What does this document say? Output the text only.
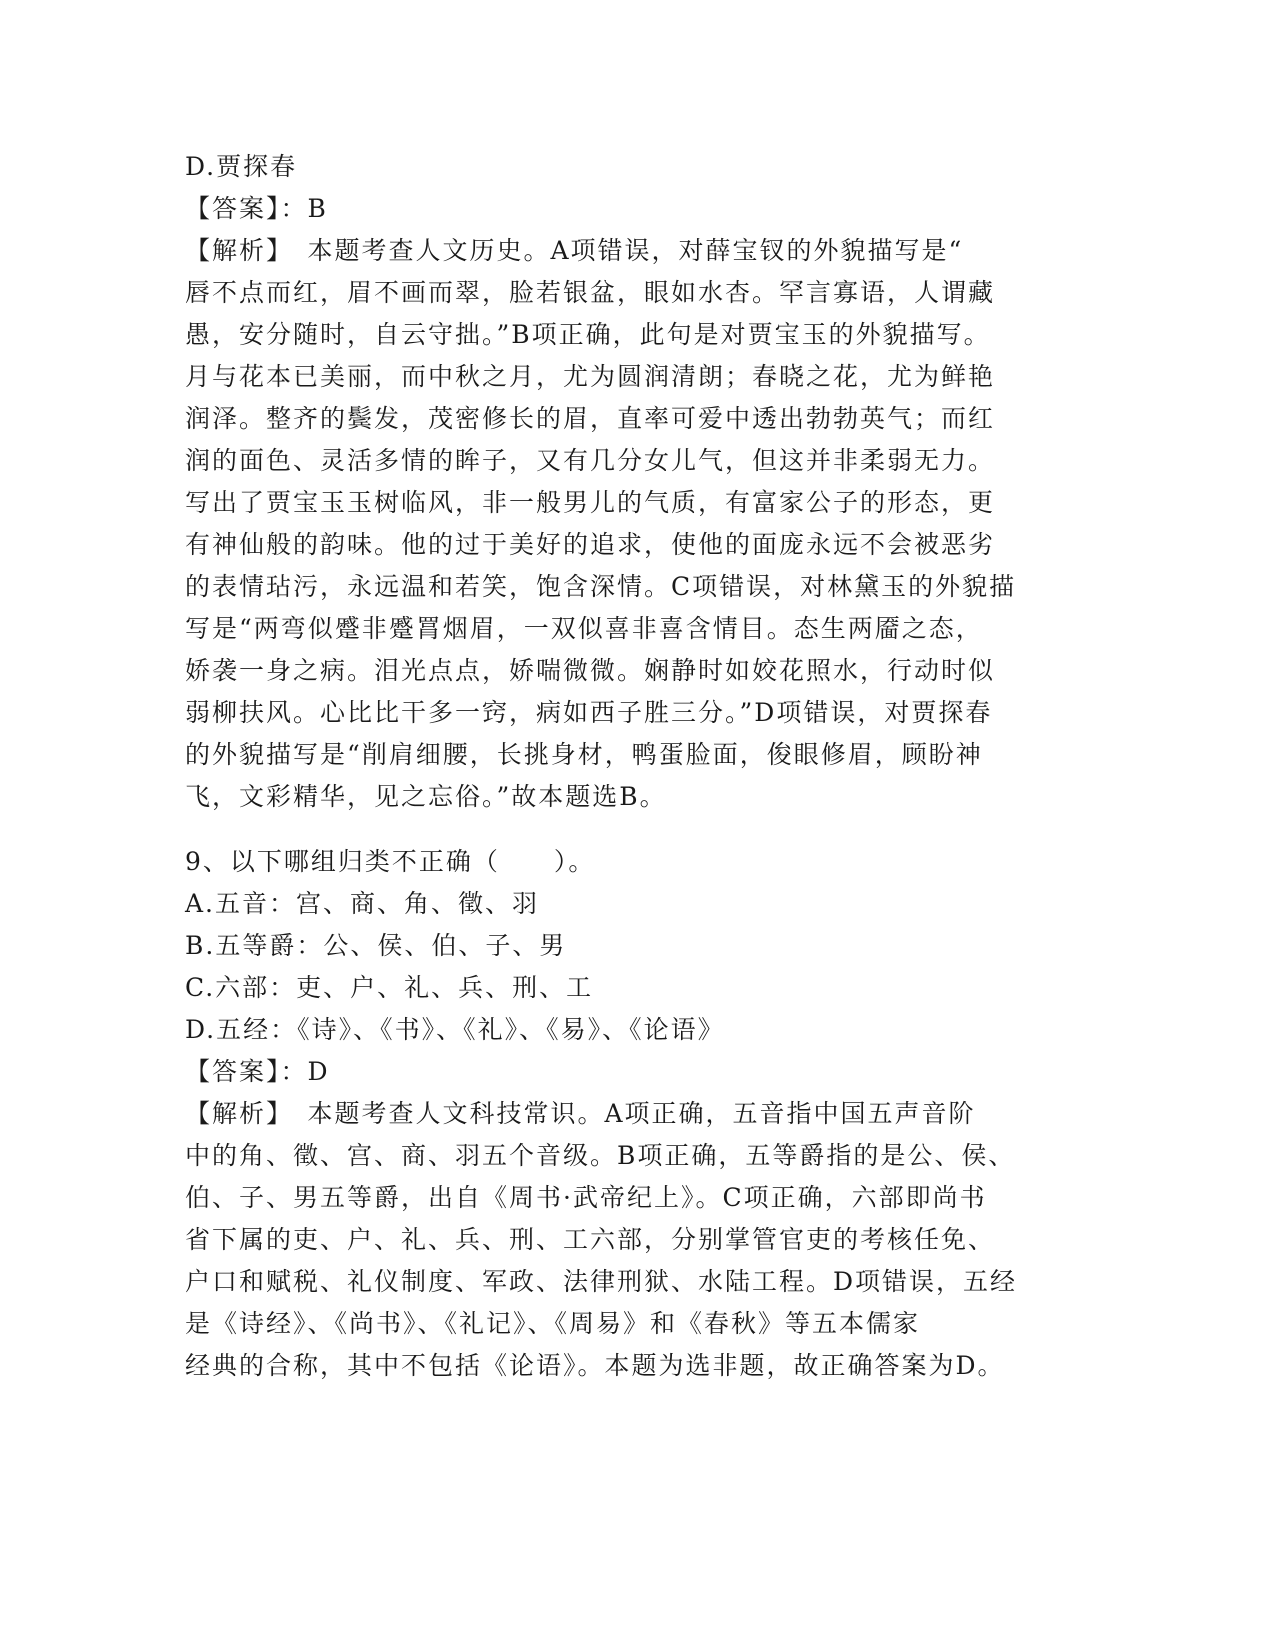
D.贾探春
【答案】：B
【解析】　本题考查人文历史。A项错误，对薛宝钗的外貌描写是“
唇不点而红，眉不画而翠，脸若银盆，眼如水杏。罕言寡语，人谓藏
愚，安分随时，自云守拙。”B项正确，此句是对贾宝玉的外貌描写。
月与花本已美丽，而中秋之月，尤为圆润清朗；春晓之花，尤为鲜艳
润泽。整齐的鬓发，茂密修长的眉，直率可爱中透出勃勃英气；而红
润的面色、灵活多情的眸子，又有几分女儿气，但这并非柔弱无力。
写出了贾宝玉玉树临风，非一般男儿的气质，有富家公子的形态，更
有神仙般的韵味。他的过于美好的追求，使他的面庞永远不会被恶劣
的表情玷污，永远温和若笑，饱含深情。C项错误，对林黛玉的外貌描
写是“两弯似蹙非蹙罥烟眉，一双似喜非喜含情目。态生两靥之态，
娇袭一身之病。泪光点点，娇喘微微。娴静时如姣花照水，行动时似
弱柳扶风。心比比干多一窍，病如西子胜三分。”D项错误，对贾探春
的外貌描写是“削肩细腰，长挑身材，鸭蛋脸面，俊眼修眉，顾盼神
飞，文彩精华，见之忘俗。”故本题选B。
9、以下哪组归类不正确（　　）。
A.五音：宫、商、角、徵、羽
B.五等爵：公、侯、伯、子、男
C.六部：吏、户、礼、兵、刑、工
D.五经：《诗》、《书》、《礼》、《易》、《论语》
【答案】：D
【解析】　本题考查人文科技常识。A项正确，五音指中国五声音阶
中的角、徵、宫、商、羽五个音级。B项正确，五等爵指的是公、侯、
伯、子、男五等爵，出自《周书·武帝纪上》。C项正确，六部即尚书
省下属的吏、户、礼、兵、刑、工六部，分别掌管官吏的考核任免、
户口和赋税、礼仪制度、军政、法律刑狱、水陆工程。D项错误，五经
是《诗经》、《尚书》、《礼记》、《周易》和《春秋》等五本儒家
经典的合称，其中不包括《论语》。本题为选非题，故正确答案为D。
